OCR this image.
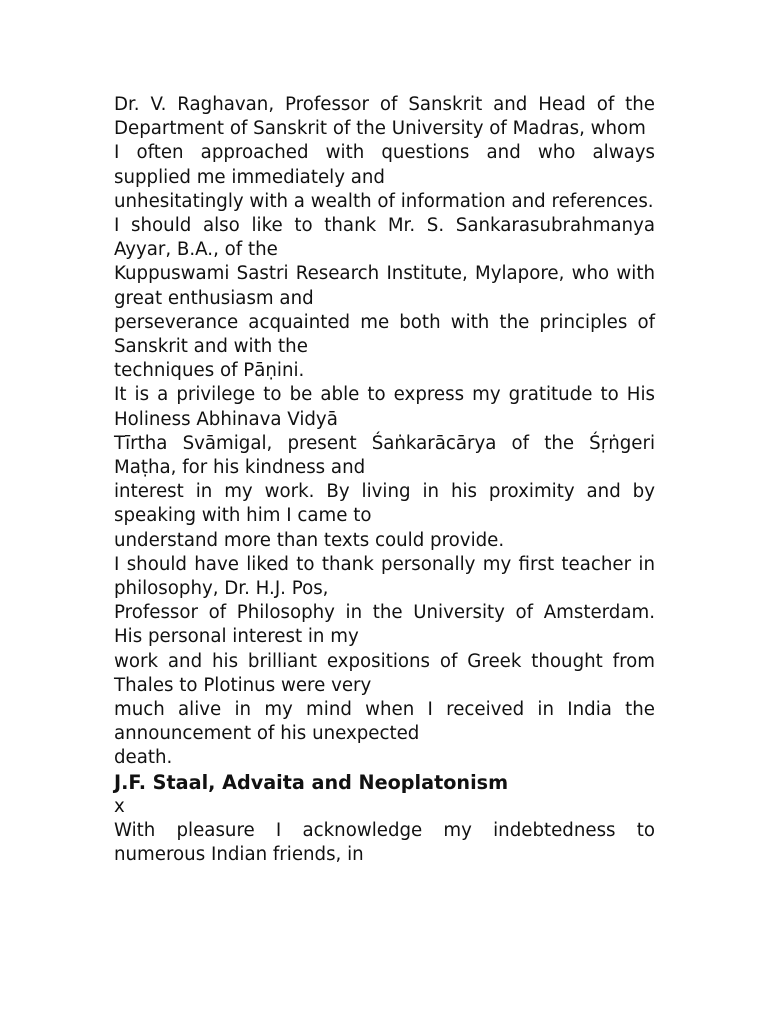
Dr. V. Raghavan, Professor of Sanskrit and Head of the Department of Sanskrit of the University of Madras, whom

I often approached with questions and who always supplied me immediately and

unhesitatingly with a wealth of information and references.

I should also like to thank Mr. S. Sankarasubrahmanya Ayyar, B.A., of the

Kuppuswami Sastri Research Institute, Mylapore, who with great enthusiasm and

perseverance acquainted me both with the principles of Sanskrit and with the

techniques of Pāṇini.

It is a privilege to be able to express my gratitude to His Holiness Abhinava Vidyā

Tīrtha Svāmigal, present Śaṅkarācārya of the Śṛṅgeri Maṭha, for his kindness and

interest in my work. By living in his proximity and by speaking with him I came to

understand more than texts could provide.

I should have liked to thank personally my first teacher in philosophy, Dr. H.J. Pos,

Professor of Philosophy in the University of Amsterdam. His personal interest in my

work and his brilliant expositions of Greek thought from Thales to Plotinus were very

much alive in my mind when I received in India the announcement of his unexpected

death.

J.F. Staal, Advaita and Neoplatonism

x

With pleasure I acknowledge my indebtedness to numerous Indian friends, in
